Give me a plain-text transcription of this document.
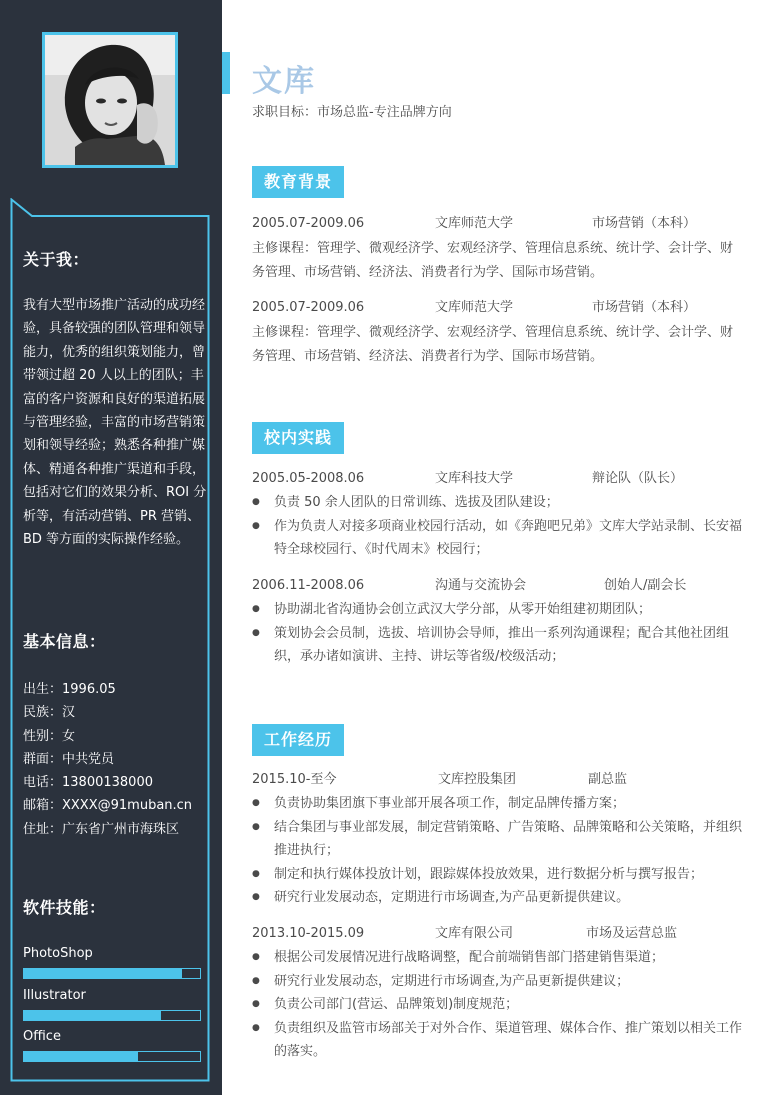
关于我：
我有大型市场推广活动的成功经验，具备较强的团队管理和领导能力，优秀的组织策划能力，曾带领过超 20 人以上的团队；丰富的客户资源和良好的渠道拓展与管理经验，丰富的市场营销策划和领导经验；熟悉各种推广媒体、精通各种推广渠道和手段，包括对它们的效果分析、ROI 分析等，有活动营销、PR 营销、BD 等方面的实际操作经验。
基本信息：
出生：1996.05
民族：汉
性别：女
群面：中共党员
电话：13800138000
邮箱：XXXX@91muban.cn
住址：广东省广州市海珠区
软件技能：
PhotoShop
Illustrator
Office
文库
求职目标：市场总监-专注品牌方向
教育背景
2005.07-2009.06	文库师范大学	市场营销（本科）
主修课程：管理学、微观经济学、宏观经济学、管理信息系统、统计学、会计学、财务管理、市场营销、经济法、消费者行为学、国际市场营销。
2005.07-2009.06	文库师范大学	市场营销（本科）
主修课程：管理学、微观经济学、宏观经济学、管理信息系统、统计学、会计学、财务管理、市场营销、经济法、消费者行为学、国际市场营销。
校内实践
2005.05-2008.06	文库科技大学	辩论队（队长）
● 负责 50 余人团队的日常训练、选拔及团队建设；
● 作为负责人对接多项商业校园行活动，如《奔跑吧兄弟》文库大学站录制、长安福特全球校园行、《时代周末》校园行；
2006.11-2008.06	沟通与交流协会	创始人/副会长
● 协助湖北省沟通协会创立武汉大学分部，从零开始组建初期团队；
● 策划协会会员制，选拔、培训协会导师，推出一系列沟通课程；配合其他社团组织，承办诸如演讲、主持、讲坛等省级/校级活动；
工作经历
2015.10-至今	文库控股集团	副总监
● 负责协助集团旗下事业部开展各项工作，制定品牌传播方案；
● 结合集团与事业部发展，制定营销策略、广告策略、品牌策略和公关策略，并组织推进执行；
● 制定和执行媒体投放计划，跟踪媒体投放效果，进行数据分析与撰写报告；
● 研究行业发展动态，定期进行市场调查,为产品更新提供建议。
2013.10-2015.09	文库有限公司	市场及运营总监
● 根据公司发展情况进行战略调整，配合前端销售部门搭建销售渠道；
● 研究行业发展动态，定期进行市场调查,为产品更新提供建议；
● 负责公司部门(营运、品牌策划)制度规范；
● 负责组织及监管市场部关于对外合作、渠道管理、媒体合作、推广策划以相关工作的落实。
